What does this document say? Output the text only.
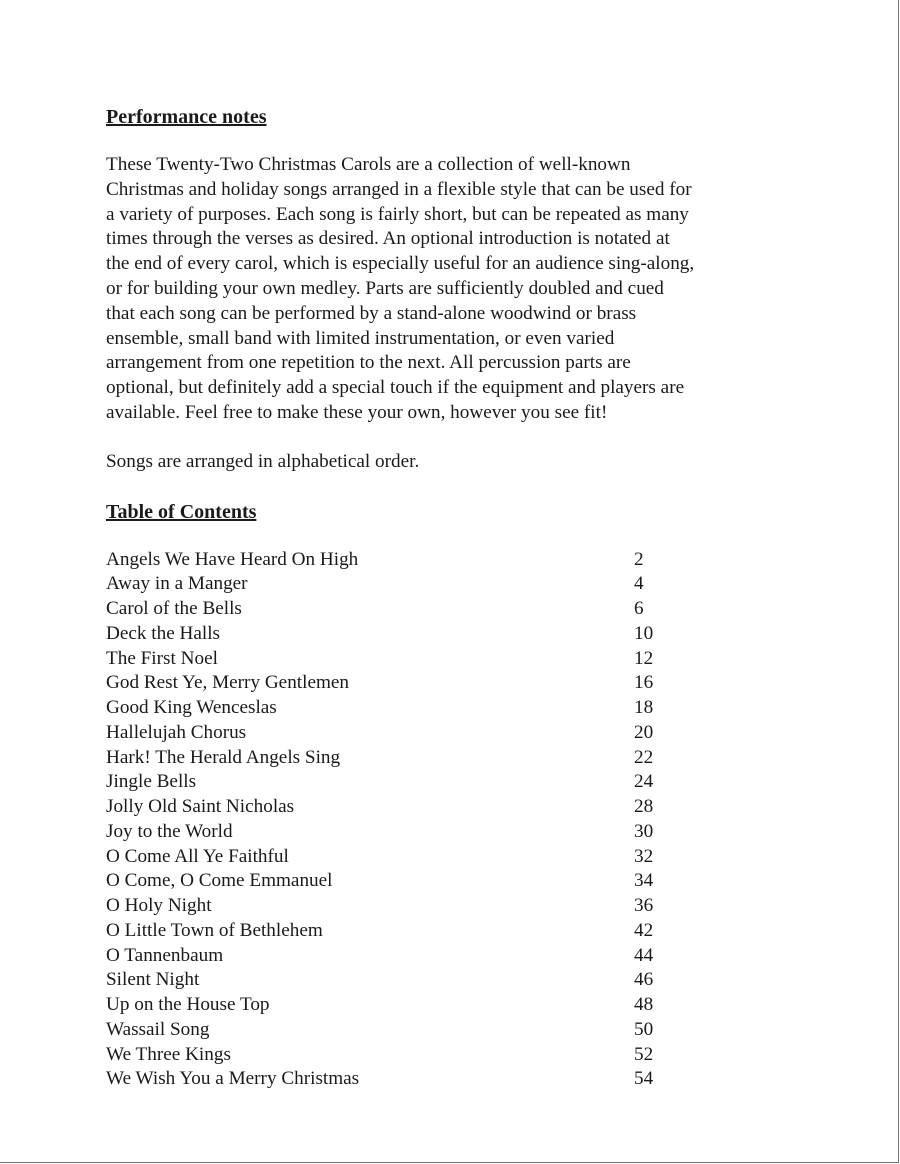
Performance notes
These Twenty-Two Christmas Carols are a collection of well-known
Christmas and holiday songs arranged in a flexible style that can be used for
a variety of purposes. Each song is fairly short, but can be repeated as many
times through the verses as desired. An optional introduction is notated at
the end of every carol, which is especially useful for an audience sing-along,
or for building your own medley. Parts are sufficiently doubled and cued
that each song can be performed by a stand-alone woodwind or brass
ensemble, small band with limited instrumentation, or even varied
arrangement from one repetition to the next. All percussion parts are
optional, but definitely add a special touch if the equipment and players are
available. Feel free to make these your own, however you see fit!
Songs are arranged in alphabetical order.
Table of Contents
Angels We Have Heard On High	2
Away in a Manger	4
Carol of the Bells	6
Deck the Halls	10
The First Noel	12
God Rest Ye, Merry Gentlemen	16
Good King Wenceslas	18
Hallelujah Chorus	20
Hark! The Herald Angels Sing	22
Jingle Bells	24
Jolly Old Saint Nicholas	28
Joy to the World	30
O Come All Ye Faithful	32
O Come, O Come Emmanuel	34
O Holy Night	36
O Little Town of Bethlehem	42
O Tannenbaum	44
Silent Night	46
Up on the House Top	48
Wassail Song	50
We Three Kings	52
We Wish You a Merry Christmas	54
